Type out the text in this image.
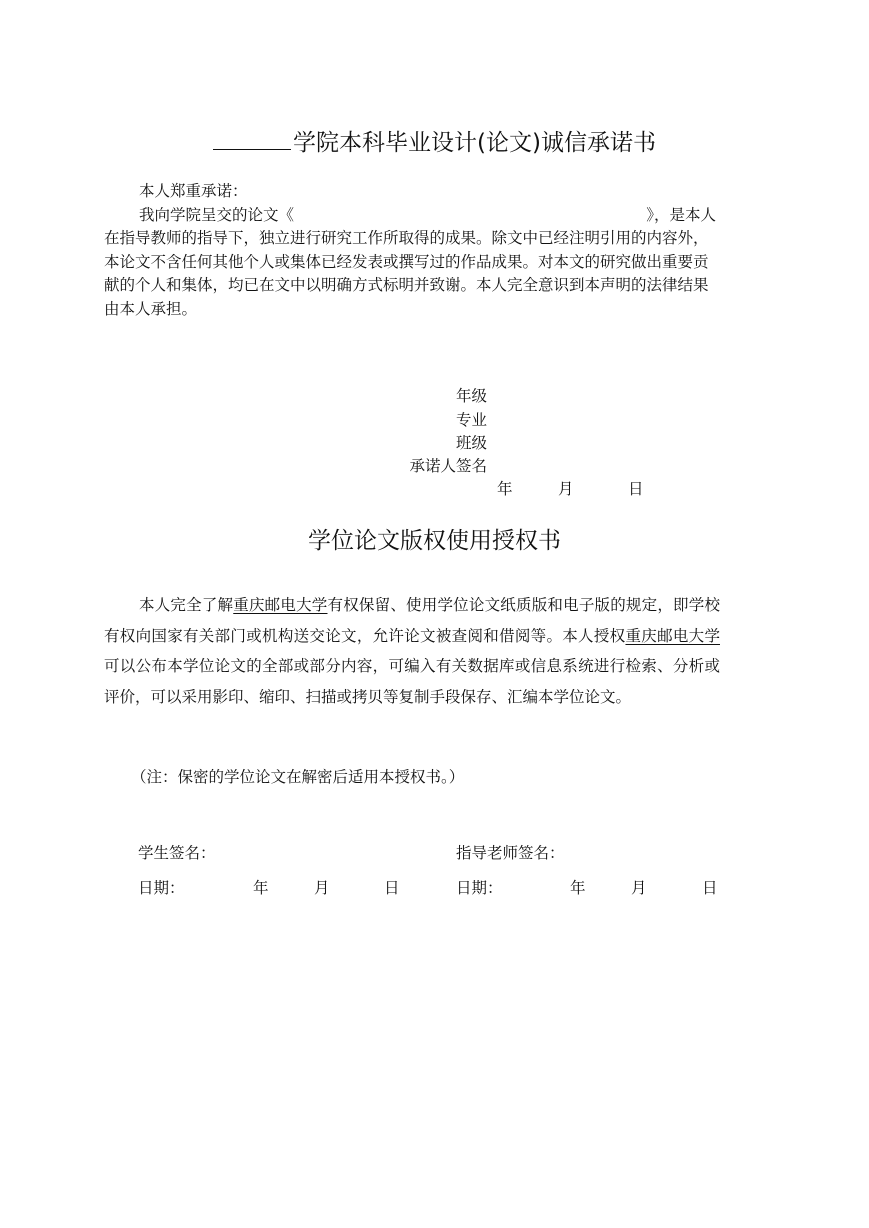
学院本科毕业设计(论文)诚信承诺书

本人郑重承诺：

我向学院呈交的论文《	》，是本人

在指导教师的指导下，独立进行研究工作所取得的成果。除文中已经注明引用的内容外，本论文不含任何其他个人或集体已经发表或撰写过的作品成果。对本文的研究做出重要贡献的个人和集体，均已在文中以明确方式标明并致谢。本人完全意识到本声明的法律结果由本人承担。

年级
专业
班级
承诺人签名
年	月	日
学位论文版权使用授权书

本人完全了解重庆邮电大学有权保留、使用学位论文纸质版和电子版的规定，即学校有权向国家有关部门或机构送交论文，允许论文被查阅和借阅等。本人授权重庆邮电大学可以公布本学位论文的全部或部分内容，可编入有关数据库或信息系统进行检索、分析或评价，可以采用影印、缩印、扫描或拷贝等复制手段保存、汇编本学位论文。

（注：保密的学位论文在解密后适用本授权书。）
学生签名：	指导老师签名：
日期：	年	月	日	日期：	年	月	日
